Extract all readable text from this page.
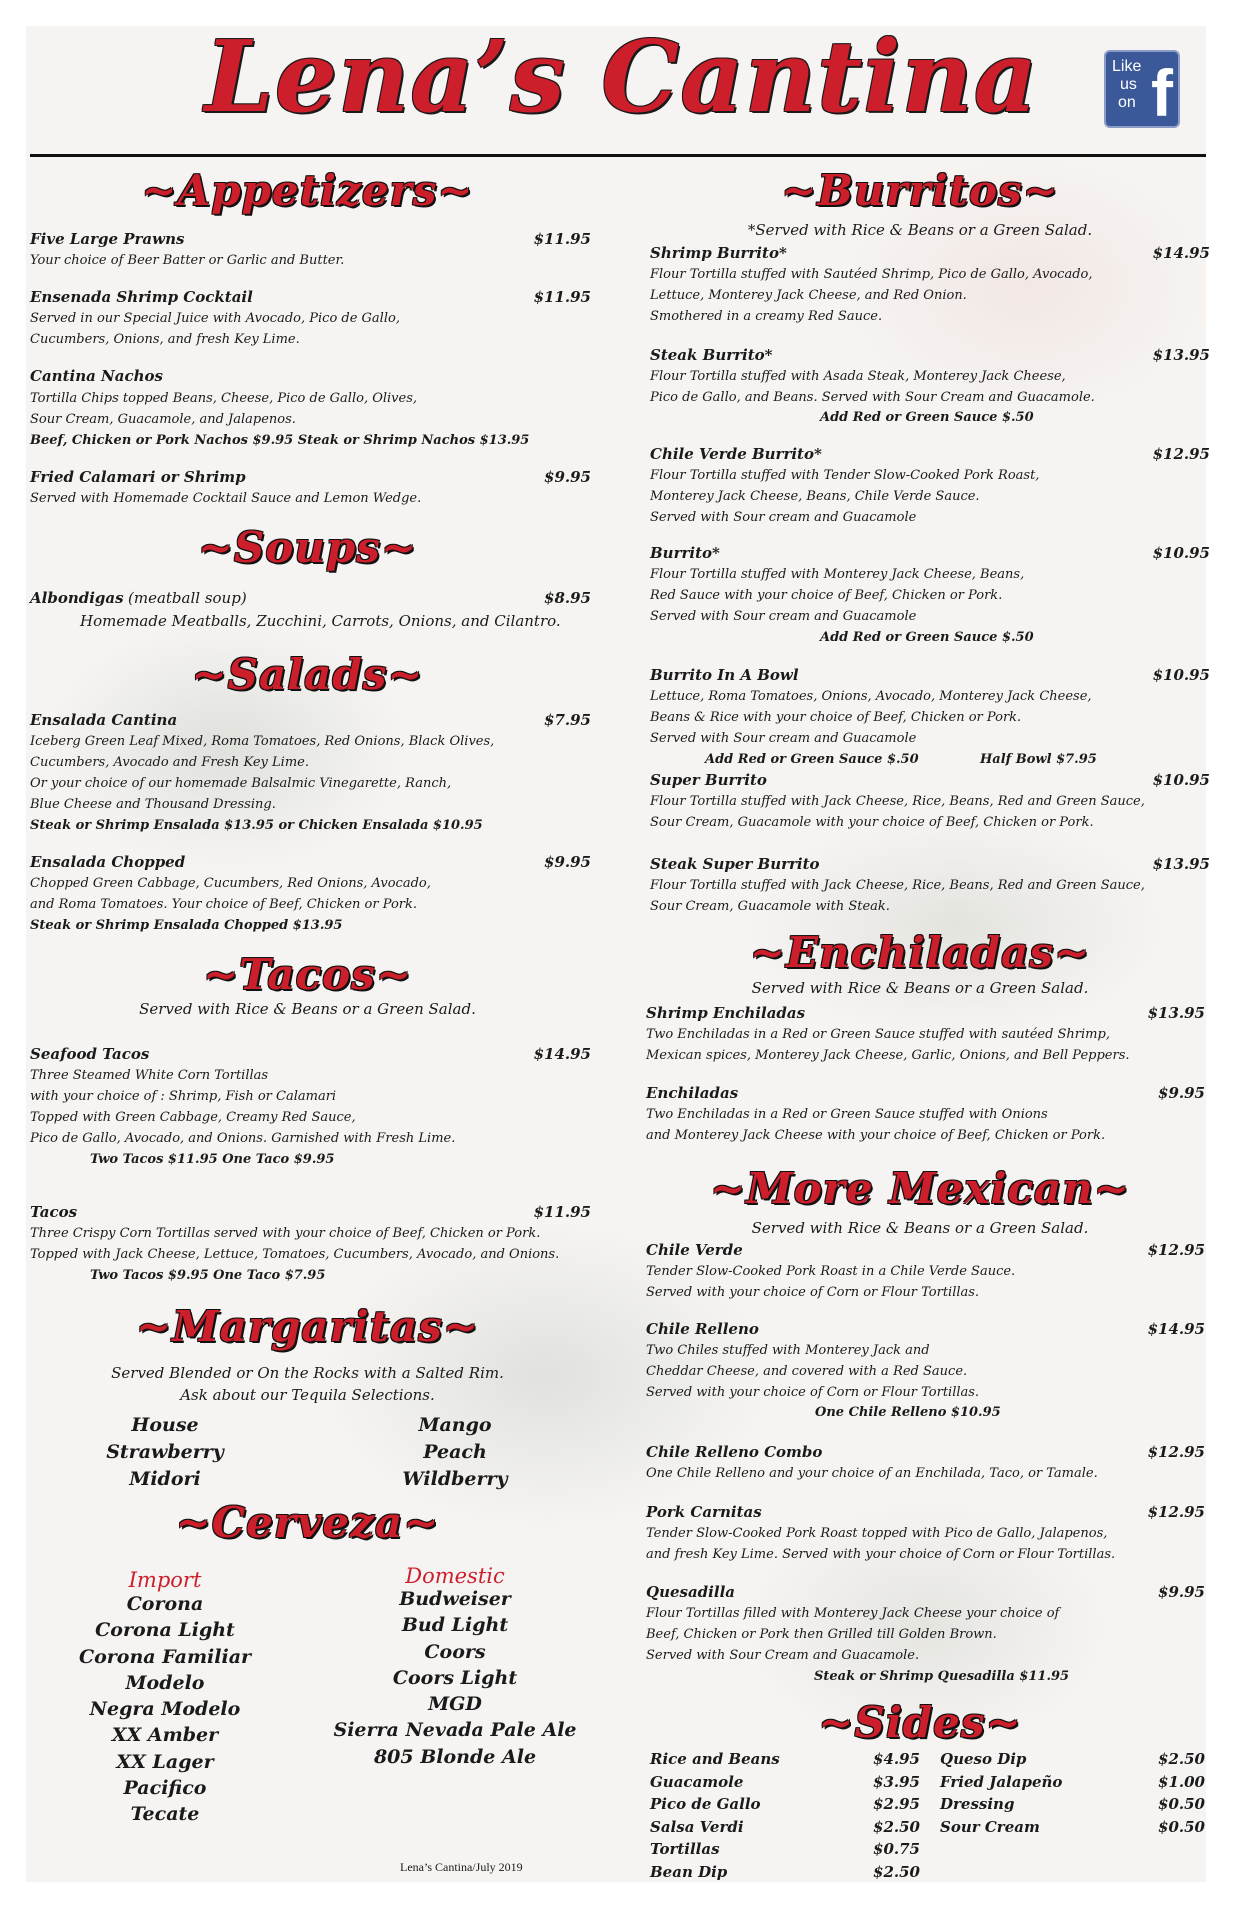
Lena’s Cantina	Like
us
on f
~Appetizers~
Five Large Prawns	$11.95
Your choice of Beer Batter or Garlic and Butter.
Ensenada Shrimp Cocktail	$11.95
Served in our Special Juice with Avocado, Pico de Gallo,
Cucumbers, Onions, and fresh Key Lime.
Cantina Nachos
Tortilla Chips topped Beans, Cheese, Pico de Gallo, Olives,
Sour Cream, Guacamole, and Jalapenos.
Beef, Chicken or Pork Nachos $9.95 Steak or Shrimp Nachos $13.95
Fried Calamari or Shrimp	$9.95
Served with Homemade Cocktail Sauce and Lemon Wedge.
~Soups~
Albondigas (meatball soup)	$8.95
Homemade Meatballs, Zucchini, Carrots, Onions, and Cilantro.
~Salads~
Ensalada Cantina	$7.95
Iceberg Green Leaf Mixed, Roma Tomatoes, Red Onions, Black Olives,
Cucumbers, Avocado and Fresh Key Lime.
Or your choice of our homemade Balsalmic Vinegarette, Ranch,
Blue Cheese and Thousand Dressing.
Steak or Shrimp Ensalada $13.95 or Chicken Ensalada $10.95
Ensalada Chopped	$9.95
Chopped Green Cabbage, Cucumbers, Red Onions, Avocado,
and Roma Tomatoes. Your choice of Beef, Chicken or Pork.
Steak or Shrimp Ensalada Chopped $13.95
~Tacos~
Served with Rice & Beans or a Green Salad.
Seafood Tacos	$14.95
Three Steamed White Corn Tortillas
with your choice of : Shrimp, Fish or Calamari
Topped with Green Cabbage, Creamy Red Sauce,
Pico de Gallo, Avocado, and Onions. Garnished with Fresh Lime.
Two Tacos $11.95 One Taco $9.95
Tacos	$11.95
Three Crispy Corn Tortillas served with your choice of Beef, Chicken or Pork.
Topped with Jack Cheese, Lettuce, Tomatoes, Cucumbers, Avocado, and Onions.
Two Tacos $9.95 One Taco $7.95
~Margaritas~
Served Blended or On the Rocks with a Salted Rim.
Ask about our Tequila Selections.
House
Strawberry
Midori
Mango
Peach
Wildberry
~Cerveza~
Import	Domestic
Corona
Corona Light
Corona Familiar
Modelo
Negra Modelo
XX Amber
XX Lager
Pacifico
Tecate
Budweiser
Bud Light
Coors
Coors Light
MGD
Sierra Nevada Pale Ale
805 Blonde Ale
~Burritos~
*Served with Rice & Beans or a Green Salad.
Shrimp Burrito*	$14.95
Flour Tortilla stuffed with Sautéed Shrimp, Pico de Gallo, Avocado,
Lettuce, Monterey Jack Cheese, and Red Onion.
Smothered in a creamy Red Sauce.
Steak Burrito*	$13.95
Flour Tortilla stuffed with Asada Steak, Monterey Jack Cheese,
Pico de Gallo, and Beans. Served with Sour Cream and Guacamole.
Add Red or Green Sauce $.50
Chile Verde Burrito*	$12.95
Flour Tortilla stuffed with Tender Slow-Cooked Pork Roast,
Monterey Jack Cheese, Beans, Chile Verde Sauce.
Served with Sour cream and Guacamole
Burrito*	$10.95
Flour Tortilla stuffed with Monterey Jack Cheese, Beans,
Red Sauce with your choice of Beef, Chicken or Pork.
Served with Sour cream and Guacamole
Add Red or Green Sauce $.50
Burrito In A Bowl	$10.95
Lettuce, Roma Tomatoes, Onions, Avocado, Monterey Jack Cheese,
Beans & Rice with your choice of Beef, Chicken or Pork.
Served with Sour cream and Guacamole
Add Red or Green Sauce $.50	Half Bowl $7.95
Super Burrito	$10.95
Flour Tortilla stuffed with Jack Cheese, Rice, Beans, Red and Green Sauce,
Sour Cream, Guacamole with your choice of Beef, Chicken or Pork.
Steak Super Burrito	$13.95
Flour Tortilla stuffed with Jack Cheese, Rice, Beans, Red and Green Sauce,
Sour Cream, Guacamole with Steak.
~Enchiladas~
Served with Rice & Beans or a Green Salad.
Shrimp Enchiladas	$13.95
Two Enchiladas in a Red or Green Sauce stuffed with sautéed Shrimp,
Mexican spices, Monterey Jack Cheese, Garlic, Onions, and Bell Peppers.
Enchiladas	$9.95
Two Enchiladas in a Red or Green Sauce stuffed with Onions
and Monterey Jack Cheese with your choice of Beef, Chicken or Pork.
~More Mexican~
Served with Rice & Beans or a Green Salad.
Chile Verde	$12.95
Tender Slow-Cooked Pork Roast in a Chile Verde Sauce.
Served with your choice of Corn or Flour Tortillas.
Chile Relleno	$14.95
Two Chiles stuffed with Monterey Jack and
Cheddar Cheese, and covered with a Red Sauce.
Served with your choice of Corn or Flour Tortillas.
One Chile Relleno $10.95
Chile Relleno Combo	$12.95
One Chile Relleno and your choice of an Enchilada, Taco, or Tamale.
Pork Carnitas	$12.95
Tender Slow-Cooked Pork Roast topped with Pico de Gallo, Jalapenos,
and fresh Key Lime. Served with your choice of Corn or Flour Tortillas.
Quesadilla	$9.95
Flour Tortillas filled with Monterey Jack Cheese your choice of
Beef, Chicken or Pork then Grilled till Golden Brown.
Served with Sour Cream and Guacamole.
Steak or Shrimp Quesadilla $11.95
~Sides~
Rice and Beans	$4.95
Guacamole	$3.95
Pico de Gallo	$2.95
Salsa Verdi	$2.50
Tortillas	$0.75
Bean Dip	$2.50
Queso Dip	$2.50
Fried Jalapeño	$1.00
Dressing	$0.50
Sour Cream	$0.50
Lena’s Cantina/July 2019
